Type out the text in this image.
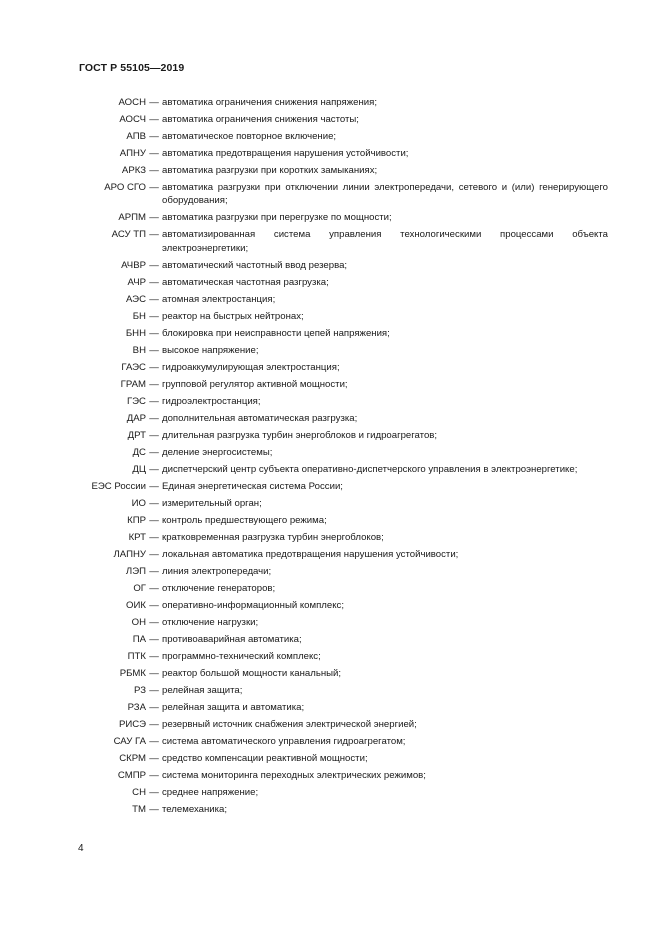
ГОСТ Р 55105—2019
АОСН — автоматика ограничения снижения напряжения;
АОСЧ — автоматика ограничения снижения частоты;
АПВ — автоматическое повторное включение;
АПНУ — автоматика предотвращения нарушения устойчивости;
АРКЗ — автоматика разгрузки при коротких замыканиях;
АРО СГО — автоматика разгрузки при отключении линии электропередачи, сетевого и (или) генерирующего оборудования;
АРПМ — автоматика разгрузки при перегрузке по мощности;
АСУ ТП — автоматизированная система управления технологическими процессами объекта электроэнергетики;
АЧВР — автоматический частотный ввод резерва;
АЧР — автоматическая частотная разгрузка;
АЭС — атомная электростанция;
БН — реактор на быстрых нейтронах;
БНН — блокировка при неисправности цепей напряжения;
ВН — высокое напряжение;
ГАЭС — гидроаккумулирующая электростанция;
ГРАМ — групповой регулятор активной мощности;
ГЭС — гидроэлектростанция;
ДАР — дополнительная автоматическая разгрузка;
ДРТ — длительная разгрузка турбин энергоблоков и гидроагрегатов;
ДС — деление энергосистемы;
ДЦ — диспетчерский центр субъекта оперативно-диспетчерского управления в электроэнергетике;
ЕЭС России — Единая энергетическая система России;
ИО — измерительный орган;
КПР — контроль предшествующего режима;
КРТ — кратковременная разгрузка турбин энергоблоков;
ЛАПНУ — локальная автоматика предотвращения нарушения устойчивости;
ЛЭП — линия электропередачи;
ОГ — отключение генераторов;
ОИК — оперативно-информационный комплекс;
ОН — отключение нагрузки;
ПА — противоаварийная автоматика;
ПТК — программно-технический комплекс;
РБМК — реактор большой мощности канальный;
РЗ — релейная защита;
РЗА — релейная защита и автоматика;
РИСЭ — резервный источник снабжения электрической энергией;
САУ ГА — система автоматического управления гидроагрегатом;
СКРМ — средство компенсации реактивной мощности;
СМПР — система мониторинга переходных электрических режимов;
СН — среднее напряжение;
ТМ — телемеханика;
4
